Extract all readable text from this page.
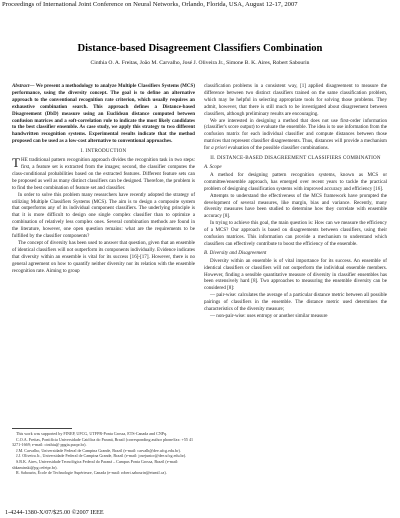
Proceedings of International Joint Conference on Neural Networks, Orlando, Florida, USA, August 12-17, 2007
Distance-based Disagreement Classifiers Combination
Cinthia O. A. Freitas, João M. Carvalho, José J. Oliveira Jr., Simone B. K. Aires, Robert Sabourin

Abstract— We present a methodology to analyze Multiple Classifiers Systems (MCS) performance, using the diversity concept. The goal is to define an alternative approach to the conventional recognition rate criterion, which usually requires an exhaustive combination search. This approach defines a Distance-based Disagreement (DbD) measure using an Euclidean distance computed between confusion matrices and a soft-correlation rule to indicate the most likely candidates to the best classifier ensemble. As case study, we apply this strategy to two different handwritten recognition systems. Experimental results indicate that the method proposed can be used as a low-cost alternative to conventional approaches.

I. INTRODUCTION

THE traditional pattern recognition approach divides the recognition task in two steps: first, a feature set is extracted from the images; second, the classifier computes the class-conditional probabilities based on the extracted features. Different feature sets can be proposed as well as many distinct classifiers can be designed. Therefore, the problem is to find the best combination of feature set and classifier.

In order to solve this problem many researchers have recently adopted the strategy of utilizing Multiple Classifiers Systems (MCS). The aim is to design a composite system that outperforms any of its individual component classifiers. The underlying principle is that it is more difficult to design one single complex classifier than to optimize a combination of relatively less complex ones. Several combination methods are found in the literature, however, one open question remains: what are the requirements to be fulfilled by the classifier components?

The concept of diversity has been used to answer that question, given that an ensemble of identical classifiers will not outperform its components individually. Evidence indicates that diversity within an ensemble is vital for its success [16]-[17]. However, there is no general agreement on how to quantify neither diversity nor its relation with the ensemble recognition rate. Aiming to group

This work was supported by FINEP, UFCG, UTFPR-Ponta Grossa, ETS-Canada and CNPq.

C.O.A. Freitas, Pontifícia Universidade Católica do Paraná, Brazil (corresponding author phone/fax: +55 41 3271-1669; e-mail: cinthia@ ppgia.pucpr.br).

J.M. Carvalho, Universidade Federal de Campina Grande, Brazil (e-mail: carvalh@dee.ufcg.edu.br).

J.J. Oliveira Jr., Universidade Federal de Campina Grande, Brazil (e-mail: josejunior@dee.ufcg.edu.br).

S.B.K. Aires, Universidade Tecnológica Federal do Paraná – Campus Ponta Grossa, Brazil (e-mail: sbkaminski@pg.cefetpr.br).

R. Sabourin, École de Technologie Supérieure, Canada (e-mail: robert.sabourin@etsmtl.ca).

classification problems in a consistent way, [1] applied disagreement to measure the difference between two distinct classifiers trained on the same classification problem, which may be helpful in selecting appropriate tools for solving those problems. They admit, however, that there is still much to be investigated about disagreement between classifiers, although preliminary results are encouraging.

We are interested in designing a method that does not use first-order information (classifier's score output) to evaluate the ensemble. The idea is to use information from the confusion matrix for each individual classifier and compute distances between those matrices that represent classifier disagreements. Thus, distances will provide a mechanism for a priori evaluation of the possible classifier combinations.

II. DISTANCE-BASED DISAGREEMENT CLASSIFIERS COMBINATION
A. Scope

A method for designing pattern recognition systems, known as MCS or committee/ensemble approach, has emerged over recent years to tackle the practical problem of designing classification systems with improved accuracy and efficiency [16].

Attempts to understand the effectiveness of the MCS framework have prompted the development of several measures, like margin, bias and variance. Recently, many diversity measures have been studied to determine how they correlate with ensemble accuracy [8].

In trying to achieve this goal, the main question is: How can we measure the efficiency of a MCS? Our approach is based on disagreements between classifiers, using their confusion matrices. This information can provide a mechanism to understand which classifiers can effectively contribute to boost the efficiency of the ensemble.

B. Diversity and Disagreement

Diversity within an ensemble is of vital importance for its success. An ensemble of identical classifiers or classifiers will not outperform the individual ensemble members. However, finding a sensible quantitative measure of diversity in classifier ensembles has been extensively hard [8]. Two approaches to measuring the ensemble diversity can be considered [8]:

— pair-wise: calculates the average of a particular distance metric between all possible pairings of classifiers in the ensemble. The distance metric used determines the characteristics of the diversity measure;

— non-pair-wise: uses entropy or another similar measure

1-4244-1380-X/07/$25.00 ©2007 IEEE
